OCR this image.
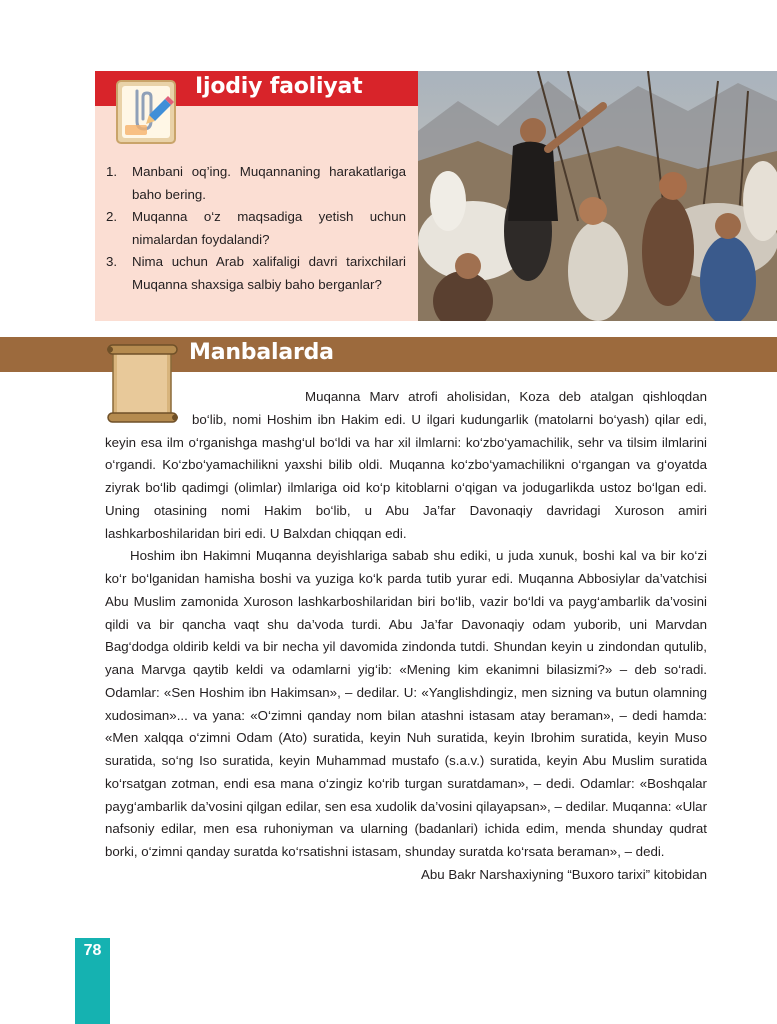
Ijodiy faoliyat
1. Manbani oq’ing. Muqannaning harakatlariga baho bering.
2. Muqanna o‘z maqsadiga yetish uchun nimalardan foydalandi?
3. Nima uchun Arab xalifaligi davri tarixchilari Muqanna shaxsiga salbiy baho berganlar?
Manbalarda

Muqanna Marv atrofi aholisidan, Koza deb atalgan qishloqdan bo‘lib, nomi Hoshim ibn Hakim edi. U ilgari kudungarlik (matolarni bo‘yash) qilar edi, keyin esa ilm o‘rganishga mashg‘ul bo‘ldi va har xil ilmlarni: ko‘zbo‘yamachilik, sehr va tilsim ilmlarini o‘rgandi. Ko‘zbo‘yamachilikni yaxshi bilib oldi. Muqanna ko‘zbo‘yamachilikni o‘rgangan va g‘oyatda ziyrak bo‘lib qadimgi (olimlar) ilmlariga oid ko‘p kitoblarni o‘qigan va jodugarlikda ustoz bo‘lgan edi. Uning otasining nomi Hakim bo‘lib, u Abu Ja’far Davonaqiy davridagi Xuroson amiri lashkarboshilaridan biri edi. U Balxdan chiqqan edi.

Hoshim ibn Hakimni Muqanna deyishlariga sabab shu ediki, u juda xunuk, boshi kal va bir ko‘zi ko‘r bo‘lganidan hamisha boshi va yuziga ko‘k parda tutib yurar edi. Muqanna Abbosiylar da’vatchisi Abu Muslim zamonida Xuroson lashkarboshilaridan biri bo‘lib, vazir bo‘ldi va payg‘ambarlik da’vosini qildi va bir qancha vaqt shu da’voda turdi. Abu Ja’far Davonaqiy odam yuborib, uni Marvdan Bag‘dodga oldirib keldi va bir necha yil davomida zindonda tutdi. Shundan keyin u zindondan qutulib, yana Marvga qaytib keldi va odamlarni yig‘ib: «Mening kim ekanimni bilasizmi?» – deb so‘radi. Odamlar: «Sen Hoshim ibn Hakimsan», – dedilar. U: «Yanglishdingiz, men sizning va butun olamning xudosiman»... va yana: «O‘zimni qanday nom bilan atashni istasam atay beraman», – dedi hamda: «Men xalqqa o‘zimni Odam (Ato) suratida, keyin Nuh suratida, keyin Ibrohim suratida, keyin Muso suratida, so‘ng Iso suratida, keyin Muhammad mustafo (s.a.v.) suratida, keyin Abu Muslim suratida ko‘rsatgan zotman, endi esa mana o‘zingiz ko‘rib turgan suratdaman», – dedi. Odamlar: «Boshqalar payg‘ambarlik da’vosini qilgan edilar, sen esa xudolik da’vosini qilayapsan», – dedilar. Muqanna: «Ular nafsoniy edilar, men esa ruhoniyman va ularning (badanlari) ichida edim, menda shunday qudrat borki, o‘zimni qanday suratda ko‘rsatishni istasam, shunday suratda ko‘rsata beraman», – dedi.

Abu Bakr Narshaxiyning “Buxoro tarixi” kitobidan

78
